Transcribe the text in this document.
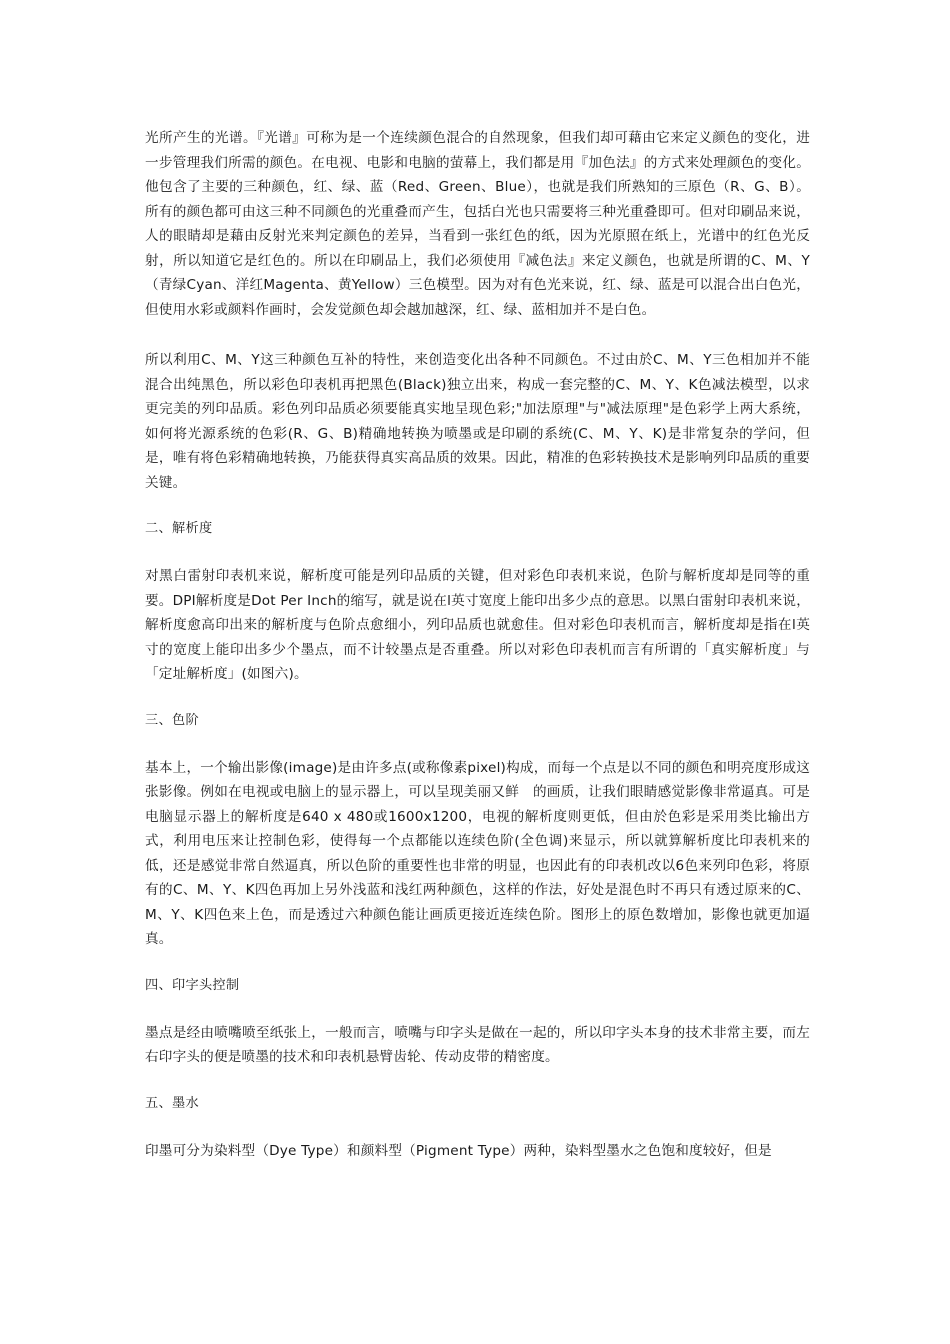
光所产生的光谱。『光谱』可称为是一个连续颜色混合的自然现象，但我们却可藉由它来定义颜色的变化，进一步管理我们所需的颜色。在电视、电影和电脑的萤幕上，我们都是用『加色法』的方式来处理颜色的变化。他包含了主要的三种颜色，红、绿、蓝（Red、Green、Blue），也就是我们所熟知的三原色（R、G、B）。所有的颜色都可由这三种不同颜色的光重叠而产生，包括白光也只需要将三种光重叠即可。但对印刷品来说，人的眼睛却是藉由反射光来判定颜色的差异，当看到一张红色的纸，因为光原照在纸上，光谱中的红色光反射，所以知道它是红色的。所以在印刷品上，我们必须使用『减色法』来定义颜色，也就是所谓的C、M、Y（青绿Cyan、洋红Magenta、黄Yellow）三色模型。因为对有色光来说，红、绿、蓝是可以混合出白色光，但使用水彩或颜料作画时，会发觉颜色却会越加越深，红、绿、蓝相加并不是白色。

所以利用C、M、Y这三种颜色互补的特性，来创造变化出各种不同颜色。不过由於C、M、Y三色相加并不能混合出纯黑色，所以彩色印表机再把黑色(Black)独立出来，构成一套完整的C、M、Y、K色减法模型，以求更完美的列印品质。彩色列印品质必须要能真实地呈现色彩;"加法原理"与"减法原理"是色彩学上两大系统，如何将光源系统的色彩(R、G、B)精确地转换为喷墨或是印刷的系统(C、M、Y、K)是非常复杂的学问，但是，唯有将色彩精确地转换，乃能获得真实高品质的效果。因此，精准的色彩转换技术是影响列印品质的重要关键。

二、解析度

对黑白雷射印表机来说，解析度可能是列印品质的关键，但对彩色印表机来说，色阶与解析度却是同等的重要。DPI解析度是Dot Per Inch的缩写，就是说在l英寸宽度上能印出多少点的意思。以黑白雷射印表机来说，解析度愈高印出来的解析度与色阶点愈细小，列印品质也就愈佳。但对彩色印表机而言，解析度却是指在l英寸的宽度上能印出多少个墨点，而不计较墨点是否重叠。所以对彩色印表机而言有所谓的「真实解析度」与「定址解析度」(如图六)。

三、色阶

基本上，一个输出影像(image)是由许多点(或称像素pixel)构成，而每一个点是以不同的颜色和明亮度形成这张影像。例如在电视或电脑上的显示器上，可以呈现美丽又鲜　的画质，让我们眼睛感觉影像非常逼真。可是电脑显示器上的解析度是640 x 480或1600x1200，电视的解析度则更低，但由於色彩是采用类比输出方式，利用电压来让控制色彩，使得每一个点都能以连续色阶(全色调)来显示，所以就算解析度比印表机来的低，还是感觉非常自然逼真，所以色阶的重要性也非常的明显，也因此有的印表机改以6色来列印色彩，将原有的C、M、Y、K四色再加上另外浅蓝和浅红两种颜色，这样的作法，好处是混色时不再只有透过原来的C、M、Y、K四色来上色，而是透过六种颜色能让画质更接近连续色阶。图形上的原色数增加，影像也就更加逼真。

四、印字头控制

墨点是经由喷嘴喷至纸张上，一般而言，喷嘴与印字头是做在一起的，所以印字头本身的技术非常主要，而左右印字头的便是喷墨的技术和印表机悬臂齿轮、传动皮带的精密度。

五、墨水

印墨可分为染料型（Dye Type）和颜料型（Pigment Type）两种，染料型墨水之色饱和度较好，但是
